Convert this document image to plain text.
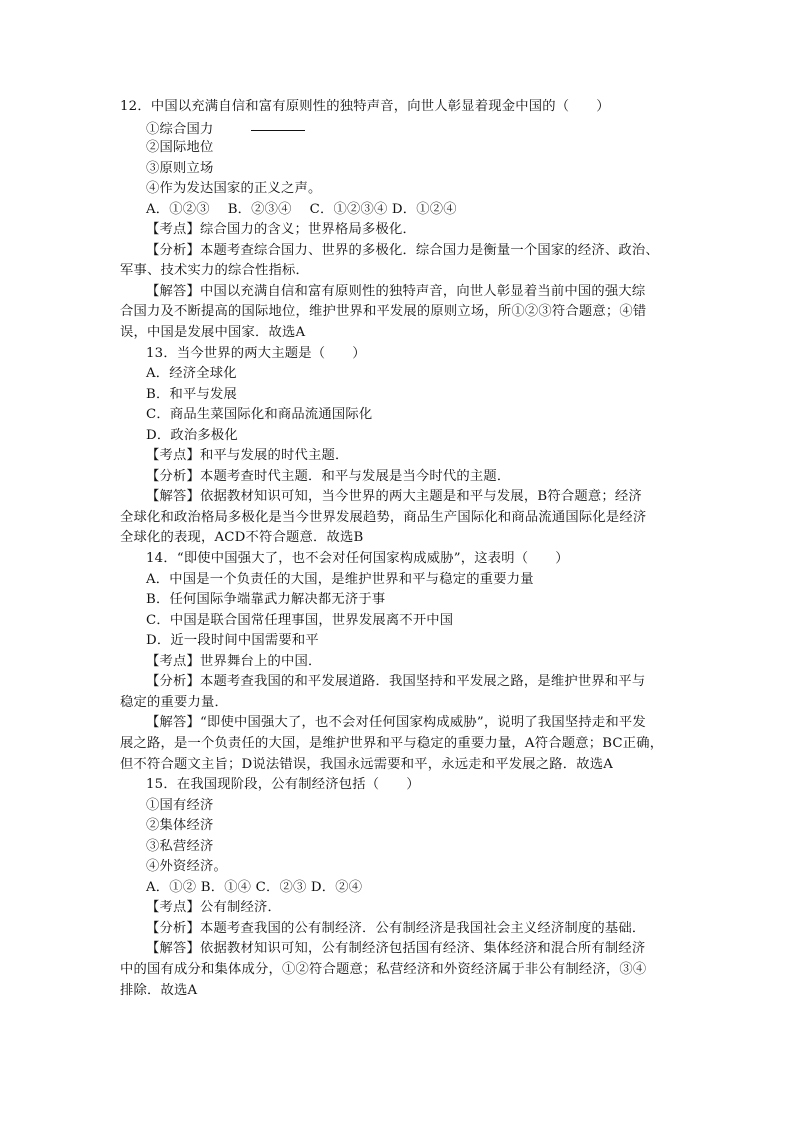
12．中国以充满自信和富有原则性的独特声音，向世人彰显着现金中国的（　　）
①综合国力
②国际地位
③原则立场
④作为发达国家的正义之声。
A．①②③　 B．②③④　 C．①②③④ D．①②④
【考点】综合国力的含义；世界格局多极化．
【分析】本题考查综合国力、世界的多极化．综合国力是衡量一个国家的经济、政治、
军事、技术实力的综合性指标．
【解答】中国以充满自信和富有原则性的独特声音，向世人彰显着当前中国的强大综
合国力及不断提高的国际地位，维护世界和平发展的原则立场，所①②③符合题意；④错
误，中国是发展中国家．故选A
13．当今世界的两大主题是（　　）
A．经济全球化
B．和平与发展
C．商品生菜国际化和商品流通国际化
D．政治多极化
【考点】和平与发展的时代主题．
【分析】本题考查时代主题．和平与发展是当今时代的主题．
【解答】依据教材知识可知，当今世界的两大主题是和平与发展，B符合题意；经济
全球化和政治格局多极化是当今世界发展趋势，商品生产国际化和商品流通国际化是经济
全球化的表现，ACD不符合题意．故选B
14．“即使中国强大了，也不会对任何国家构成威胁”，这表明（　　）
A．中国是一个负责任的大国，是维护世界和平与稳定的重要力量
B．任何国际争端靠武力解决都无济于事
C．中国是联合国常任理事国，世界发展离不开中国
D．近一段时间中国需要和平
【考点】世界舞台上的中国．
【分析】本题考查我国的和平发展道路．我国坚持和平发展之路，是维护世界和平与
稳定的重要力量．
【解答】“即使中国强大了，也不会对任何国家构成威胁”，说明了我国坚持走和平发
展之路，是一个负责任的大国，是维护世界和平与稳定的重要力量，A符合题意；BC正确，
但不符合题文主旨；D说法错误，我国永远需要和平，永远走和平发展之路．故选A
15．在我国现阶段，公有制经济包括（　　）
①国有经济
②集体经济
③私营经济
④外资经济。
A．①② B．①④ C．②③ D．②④
【考点】公有制经济．
【分析】本题考查我国的公有制经济．公有制经济是我国社会主义经济制度的基础．
【解答】依据教材知识可知，公有制经济包括国有经济、集体经济和混合所有制经济
中的国有成分和集体成分，①②符合题意；私营经济和外资经济属于非公有制经济，③④
排除．故选A
